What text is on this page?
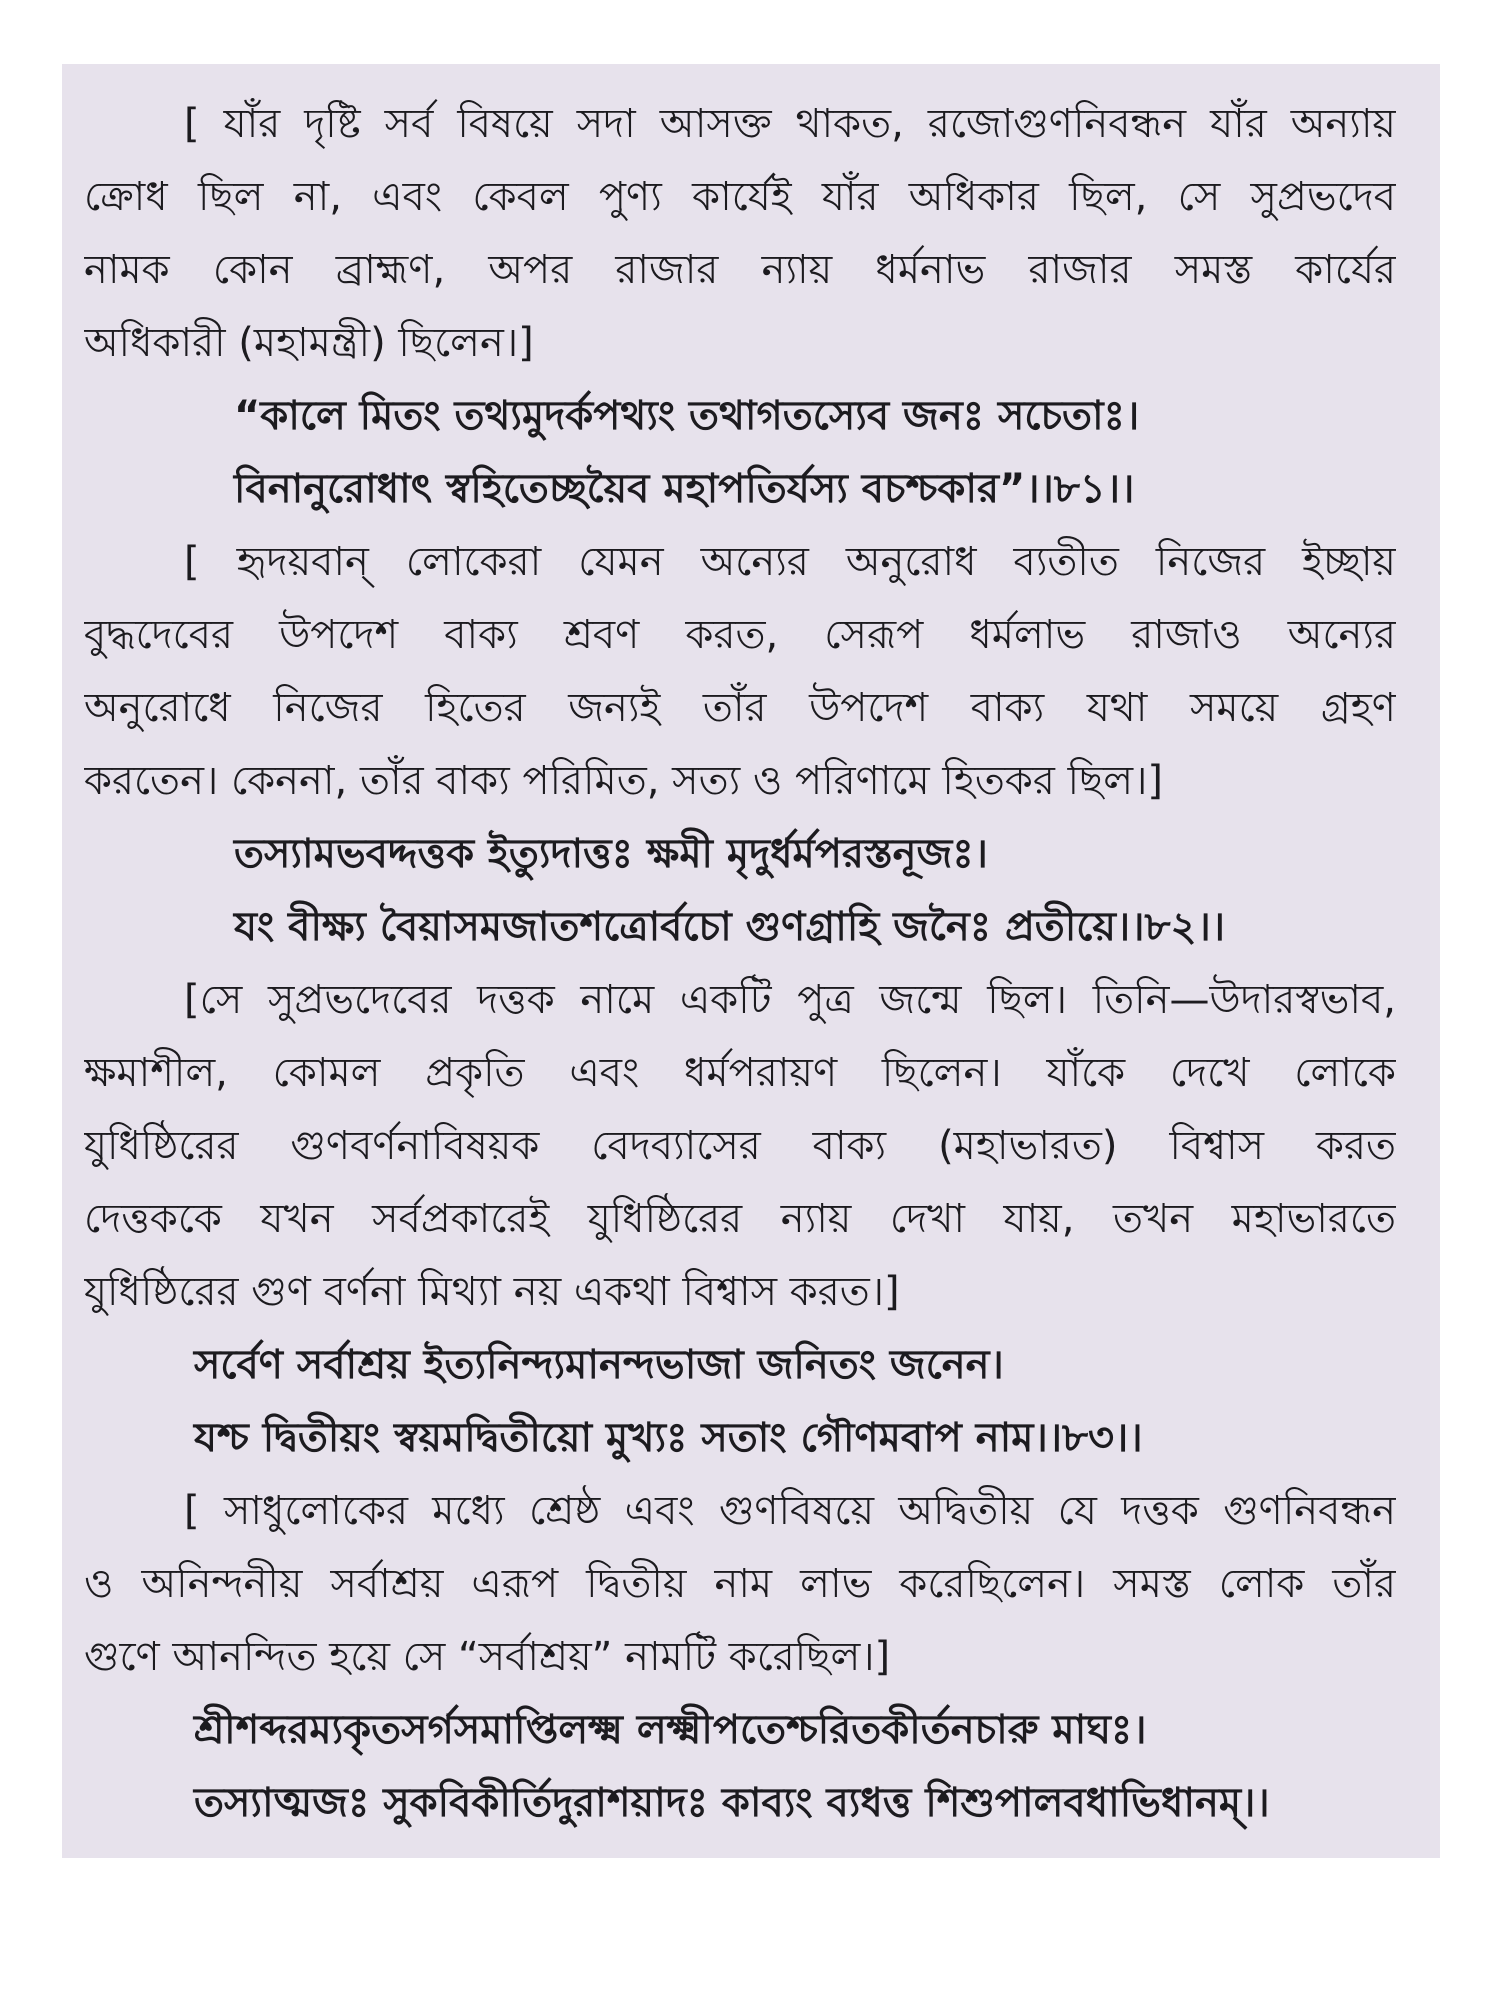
[ যাঁর দৃষ্টি সর্ব বিষয়ে সদা আসক্ত থাকত, রজোগুণনিবন্ধন যাঁর অন্যায়
ক্রোধ ছিল না, এবং কেবল পুণ্য কার্যেই যাঁর অধিকার ছিল, সে সুপ্রভদেব
নামক কোন ব্রাহ্মণ, অপর রাজার ন্যায় ধর্মনাভ রাজার সমস্ত কার্যের
অধিকারী (মহামন্ত্রী) ছিলেন।]
“কালে মিতং তথ্যমুদর্কপথ্যং তথাগতস্যেব জনঃ সচেতাঃ।
বিনানুরোধাৎ স্বহিতেচ্ছয়ৈব মহাপতির্যস্য বচশ্চকার”।।৮১।।
[ হৃদয়বান্ লোকেরা যেমন অন্যের অনুরোধ ব্যতীত নিজের ইচ্ছায়
বুদ্ধদেবের উপদেশ বাক্য শ্রবণ করত, সেরূপ ধর্মলাভ রাজাও অন্যের
অনুরোধে নিজের হিতের জন্যই তাঁর উপদেশ বাক্য যথা সময়ে গ্রহণ
করতেন। কেননা, তাঁর বাক্য পরিমিত, সত্য ও পরিণামে হিতকর ছিল।]
তস্যামভবদ্দত্তক ইত্যুদাত্তঃ ক্ষমী মৃদুর্ধর্মপরস্তনূজঃ।
যং বীক্ষ্য বৈয়াসমজাতশত্রোর্বচো গুণগ্রাহি জনৈঃ প্রতীয়ে।।৮২।।
[সে সুপ্রভদেবের দত্তক নামে একটি পুত্র জন্মে ছিল। তিনি—উদারস্বভাব,
ক্ষমাশীল, কোমল প্রকৃতি এবং ধর্মপরায়ণ ছিলেন। যাঁকে দেখে লোকে
যুধিষ্ঠিরের গুণবর্ণনাবিষয়ক বেদব্যাসের বাক্য (মহাভারত) বিশ্বাস করত
দেত্তককে যখন সর্বপ্রকারেই যুধিষ্ঠিরের ন্যায় দেখা যায়, তখন মহাভারতে
যুধিষ্ঠিরের গুণ বর্ণনা মিথ্যা নয় একথা বিশ্বাস করত।]
সর্বেণ সর্বাশ্রয় ইত্যনিন্দ্যমানন্দভাজা জনিতং জনেন।
যশ্চ দ্বিতীয়ং স্বয়মদ্বিতীয়ো মুখ্যঃ সতাং গৌণমবাপ নাম।।৮৩।।
[ সাধুলোকের মধ্যে শ্রেষ্ঠ এবং গুণবিষয়ে অদ্বিতীয় যে দত্তক গুণনিবন্ধন
ও অনিন্দনীয় সর্বাশ্রয় এরূপ দ্বিতীয় নাম লাভ করেছিলেন। সমস্ত লোক তাঁর
গুণে আনন্দিত হয়ে সে “সর্বাশ্রয়” নামটি করেছিল।]
শ্রীশব্দরম্যকৃতসর্গসমাপ্তিলক্ষ্ম লক্ষ্মীপতেশ্চরিতকীর্তনচারু মাঘঃ।
তস্যাত্মজঃ সুকবিকীর্তিদুরাশয়াদঃ কাব্যং ব্যধত্ত শিশুপালবধাভিধানম্।।
